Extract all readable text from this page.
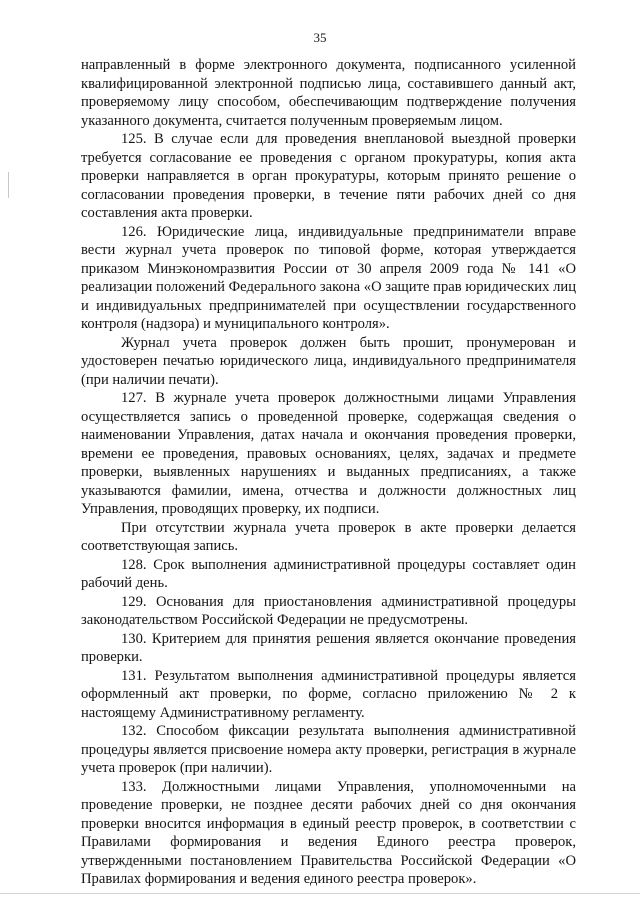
35

направленный в форме электронного документа, подписанного усиленной квалифицированной электронной подписью лица, составившего данный акт, проверяемому лицу способом, обеспечивающим подтверждение получения указанного документа, считается полученным проверяемым лицом.

125. В случае если для проведения внеплановой выездной проверки требуется согласование ее проведения с органом прокуратуры, копия акта проверки направляется в орган прокуратуры, которым принято решение о согласовании проведения проверки, в течение пяти рабочих дней со дня составления акта проверки.

126. Юридические лица, индивидуальные предприниматели вправе вести журнал учета проверок по типовой форме, которая утверждается приказом Минэкономразвития России от 30 апреля 2009 года № 141 «О реализации положений Федерального закона «О защите прав юридических лиц и индивидуальных предпринимателей при осуществлении государственного контроля (надзора) и муниципального контроля».

Журнал учета проверок должен быть прошит, пронумерован и удостоверен печатью юридического лица, индивидуального предпринимателя (при наличии печати).

127. В журнале учета проверок должностными лицами Управления осуществляется запись о проведенной проверке, содержащая сведения о наименовании Управления, датах начала и окончания проведения проверки, времени ее проведения, правовых основаниях, целях, задачах и предмете проверки, выявленных нарушениях и выданных предписаниях, а также указываются фамилии, имена, отчества и должности должностных лиц Управления, проводящих проверку, их подписи.

При отсутствии журнала учета проверок в акте проверки делается соответствующая запись.

128. Срок выполнения административной процедуры составляет один рабочий день.

129. Основания для приостановления административной процедуры законодательством Российской Федерации не предусмотрены.

130. Критерием для принятия решения является окончание проведения проверки.

131. Результатом выполнения административной процедуры является оформленный акт проверки, по форме, согласно приложению № 2 к настоящему Административному регламенту.

132. Способом фиксации результата выполнения административной процедуры является присвоение номера акту проверки, регистрация в журнале учета проверок (при наличии).

133. Должностными лицами Управления, уполномоченными на проведение проверки, не позднее десяти рабочих дней со дня окончания проверки вносится информация в единый реестр проверок, в соответствии с Правилами формирования и ведения Единого реестра проверок, утвержденными постановлением Правительства Российской Федерации «О Правилах формирования и ведения единого реестра проверок».
